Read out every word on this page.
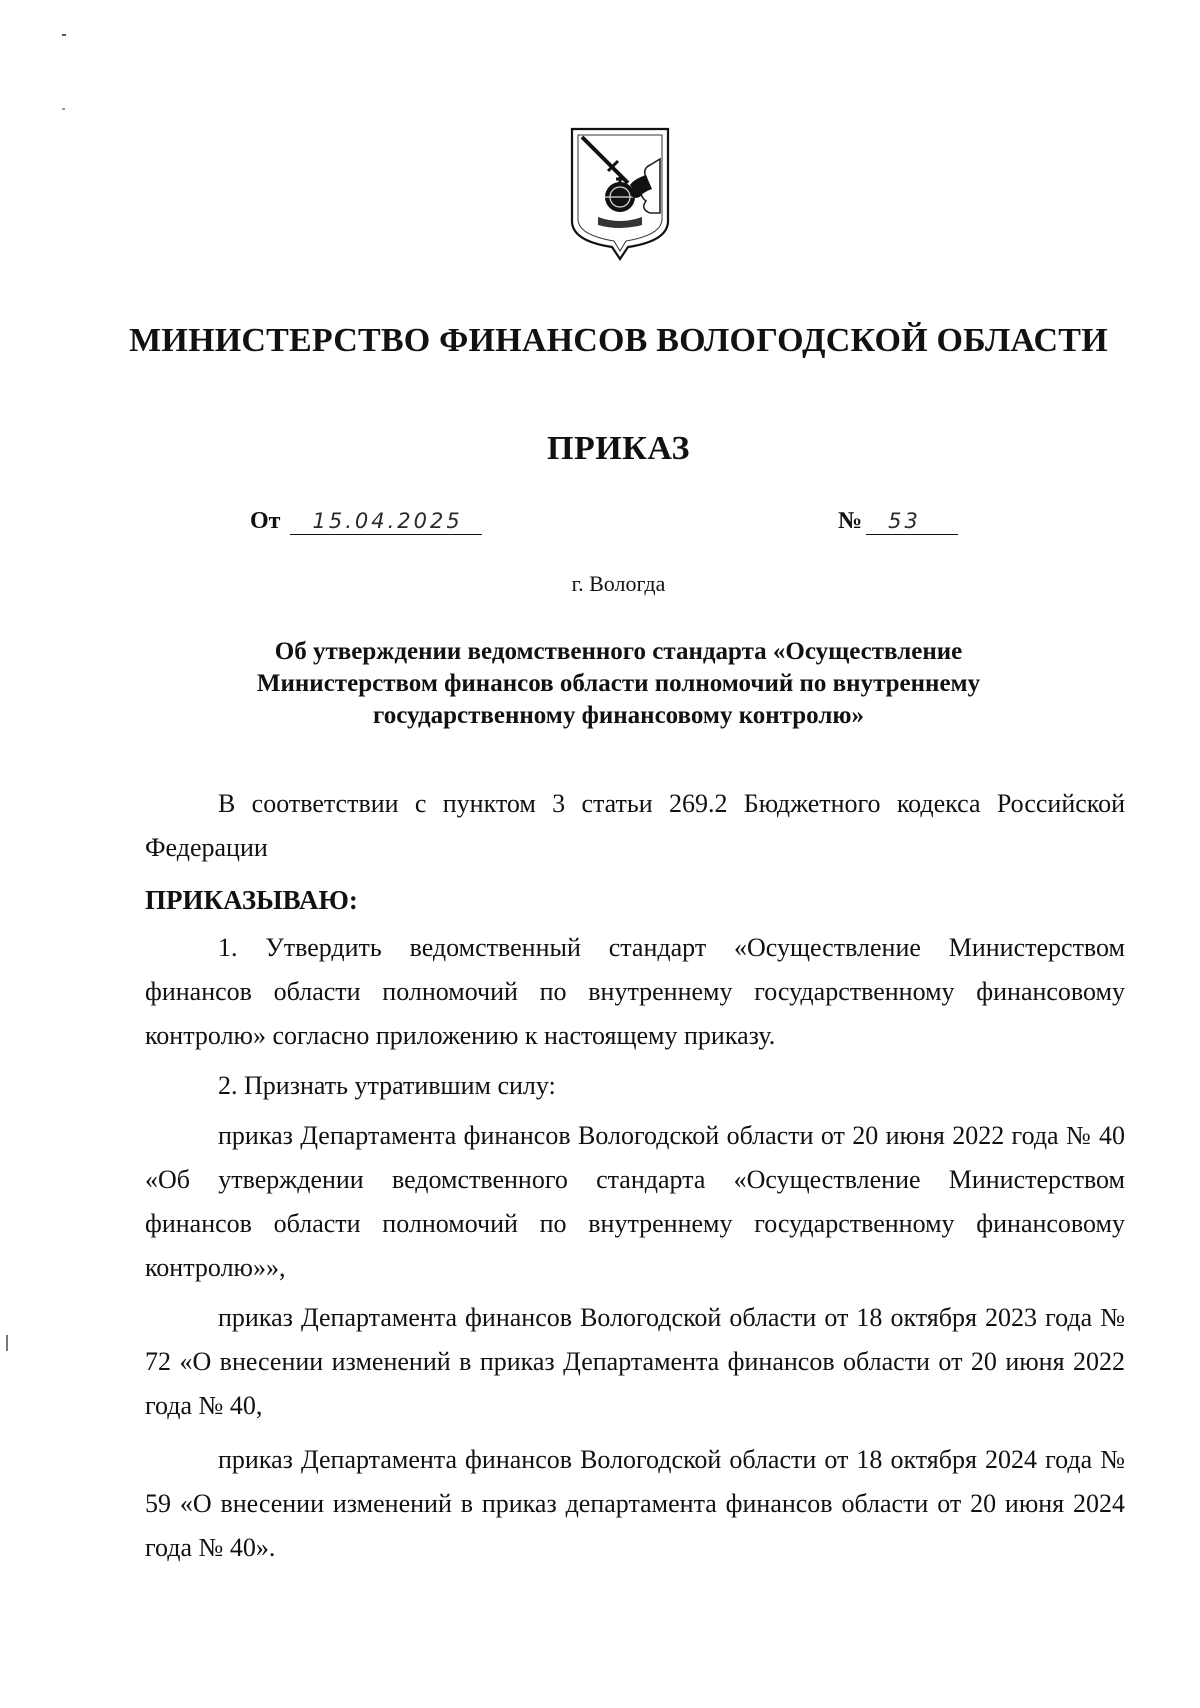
МИНИСТЕРСТВО ФИНАНСОВ ВОЛОГОДСКОЙ ОБЛАСТИ
ПРИКАЗ
От	15.04.2025	№	53
г. Вологда
Об утверждении ведомственного стандарта «Осуществление
Министерством финансов области полномочий по внутреннему
государственному финансовому контролю»

В соответствии с пунктом 3 статьи 269.2 Бюджетного кодекса Российской Федерации

ПРИКАЗЫВАЮ:

1. Утвердить ведомственный стандарт «Осуществление Министерством финансов области полномочий по внутреннему государственному финансовому контролю» согласно приложению к настоящему приказу.

2. Признать утратившим силу:

приказ Департамента финансов Вологодской области от 20 июня 2022 года № 40 «Об утверждении ведомственного стандарта «Осуществление Министерством финансов области полномочий по внутреннему государственному финансовому контролю»»,

приказ Департамента финансов Вологодской области от 18 октября 2023 года № 72 «О внесении изменений в приказ Департамента финансов области от 20 июня 2022 года № 40,

приказ Департамента финансов Вологодской области от 18 октября 2024 года № 59 «О внесении изменений в приказ департамента финансов области от 20 июня 2024 года № 40».
